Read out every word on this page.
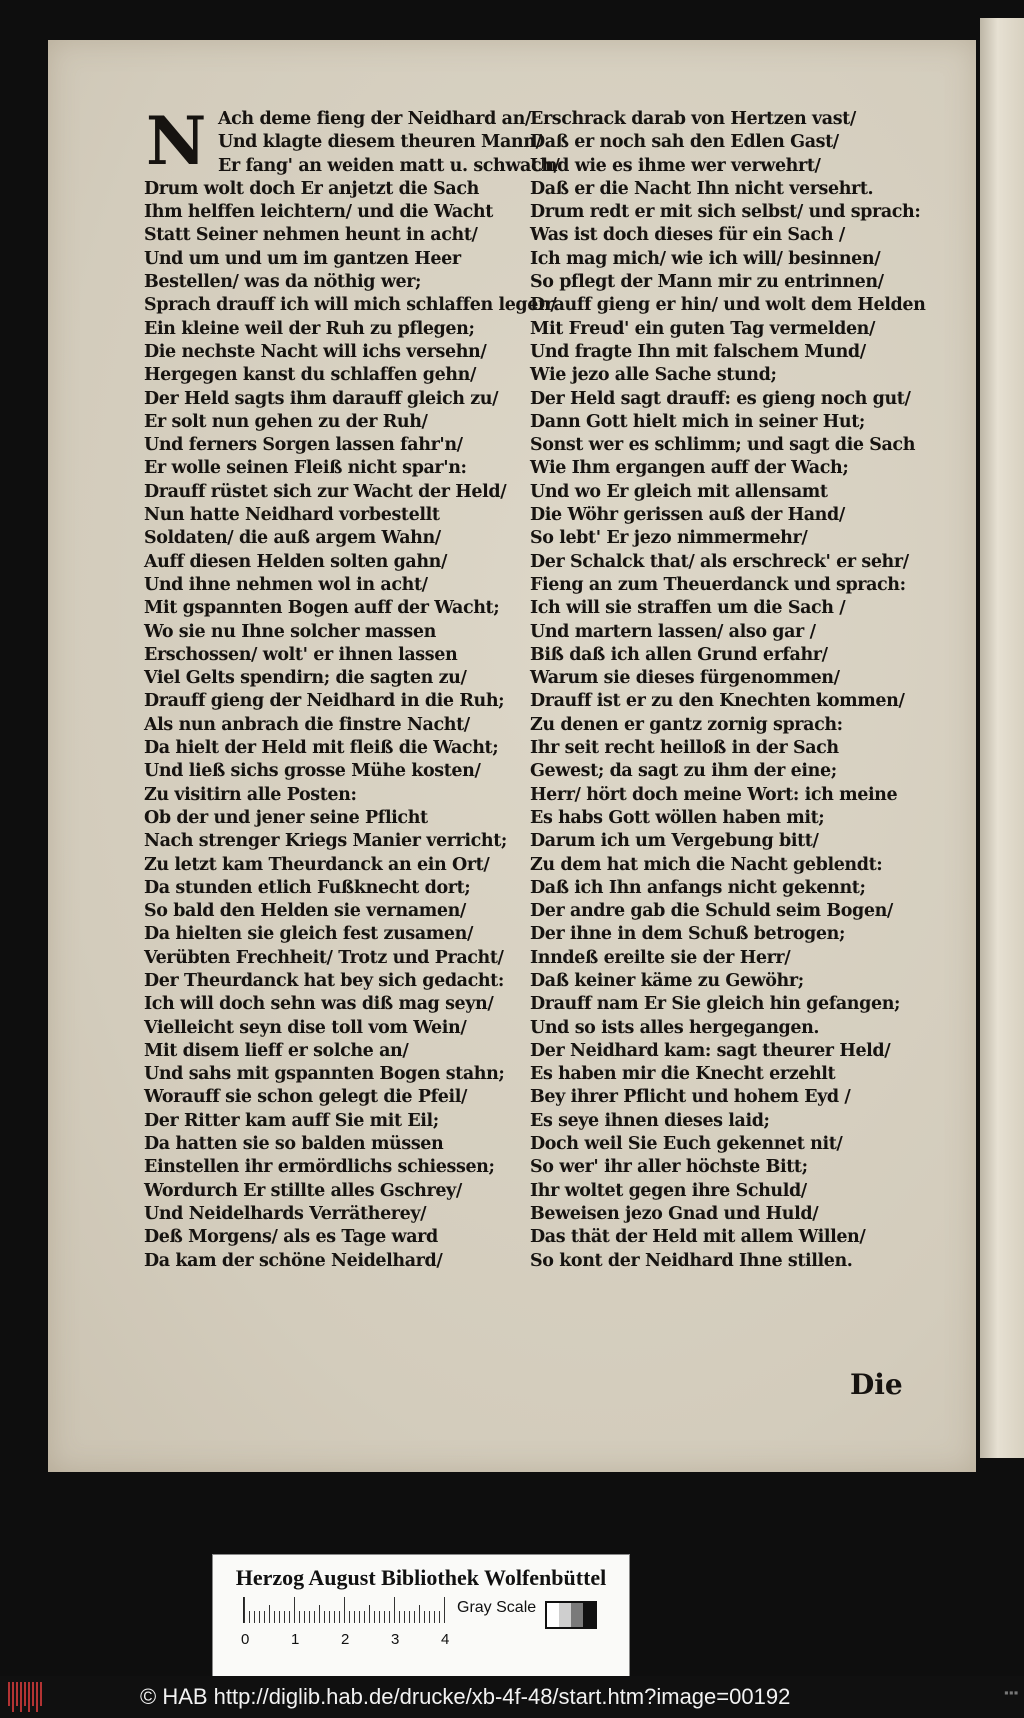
N Ach deme fieng der Neidhard an/
Und klagte diesem theuren Mann/
Er fang' an weiden matt u. schwach/
Drum wolt doch Er anjetzt die Sach
Ihm helffen leichtern/ und die Wacht
Statt Seiner nehmen heunt in acht/
Und um und um im gantzen Heer
Bestellen/ was da nöthig wer;
Sprach drauff ich will mich schlaffen legen/
Ein kleine weil der Ruh zu pflegen;
Die nechste Nacht will ichs versehn/
Hergegen kanst du schlaffen gehn/
Der Held sagts ihm darauff gleich zu/
Er solt nun gehen zu der Ruh/
Und ferners Sorgen lassen fahr'n/
Er wolle seinen Fleiß nicht spar'n:
Drauff rüstet sich zur Wacht der Held/
Nun hatte Neidhard vorbestellt
Soldaten/ die auß argem Wahn/
Auff diesen Helden solten gahn/
Und ihne nehmen wol in acht/
Mit gspannten Bogen auff der Wacht;
Wo sie nu Ihne solcher massen
Erschossen/ wolt' er ihnen lassen
Viel Gelts spendirn; die sagten zu/
Drauff gieng der Neidhard in die Ruh;
Als nun anbrach die finstre Nacht/
Da hielt der Held mit fleiß die Wacht;
Und ließ sichs grosse Mühe kosten/
Zu visitirn alle Posten:
Ob der und jener seine Pflicht
Nach strenger Kriegs Manier verricht;
Zu letzt kam Theurdanck an ein Ort/
Da stunden etlich Fußknecht dort;
So bald den Helden sie vernamen/
Da hielten sie gleich fest zusamen/
Verübten Frechheit/ Trotz und Pracht/
Der Theurdanck hat bey sich gedacht:
Ich will doch sehn was diß mag seyn/
Vielleicht seyn dise toll vom Wein/
Mit disem lieff er solche an/
Und sahs mit gspannten Bogen stahn;
Worauff sie schon gelegt die Pfeil/
Der Ritter kam auff Sie mit Eil;
Da hatten sie so balden müssen
Einstellen ihr ermördlichs schiessen;
Wordurch Er stillte alles Gschrey/
Und Neidelhards Verrätherey/
Deß Morgens/ als es Tage ward
Da kam der schöne Neidelhard/
Erschrack darab von Hertzen vast/
Daß er noch sah den Edlen Gast/
Und wie es ihme wer verwehrt/
Daß er die Nacht Ihn nicht versehrt.
Drum redt er mit sich selbst/ und sprach:
Was ist doch dieses für ein Sach /
Ich mag mich/ wie ich will/ besinnen/
So pflegt der Mann mir zu entrinnen/
Drauff gieng er hin/ und wolt dem Helden
Mit Freud' ein guten Tag vermelden/
Und fragte Ihn mit falschem Mund/
Wie jezo alle Sache stund;
Der Held sagt drauff: es gieng noch gut/
Dann Gott hielt mich in seiner Hut;
Sonst wer es schlimm; und sagt die Sach
Wie Ihm ergangen auff der Wach;
Und wo Er gleich mit allensamt
Die Wöhr gerissen auß der Hand/
So lebt' Er jezo nimmermehr/
Der Schalck that/ als erschreck' er sehr/
Fieng an zum Theuerdanck und sprach:
Ich will sie straffen um die Sach /
Und martern lassen/ also gar /
Biß daß ich allen Grund erfahr/
Warum sie dieses fürgenommen/
Drauff ist er zu den Knechten kommen/
Zu denen er gantz zornig sprach:
Ihr seit recht heilloß in der Sach
Gewest; da sagt zu ihm der eine;
Herr/ hört doch meine Wort: ich meine
Es habs Gott wöllen haben mit;
Darum ich um Vergebung bitt/
Zu dem hat mich die Nacht geblendt:
Daß ich Ihn anfangs nicht gekennt;
Der andre gab die Schuld seim Bogen/
Der ihne in dem Schuß betrogen;
Inndeß ereilte sie der Herr/
Daß keiner käme zu Gewöhr;
Drauff nam Er Sie gleich hin gefangen;
Und so ists alles hergegangen.
Der Neidhard kam: sagt theurer Held/
Es haben mir die Knecht erzehlt
Bey ihrer Pflicht und hohem Eyd /
Es seye ihnen dieses laid;
Doch weil Sie Euch gekennet nit/
So wer' ihr aller höchste Bitt;
Ihr woltet gegen ihre Schuld/
Beweisen jezo Gnad und Huld/
Das thät der Held mit allem Willen/
So kont der Neidhard Ihne stillen.
Die
Herzog August Bibliothek Wolfenbüttel
Gray Scale
0	1	2	3	4
© HAB http://diglib.hab.de/drucke/xb-4f-48/start.htm?image=00192	▪▪▪
